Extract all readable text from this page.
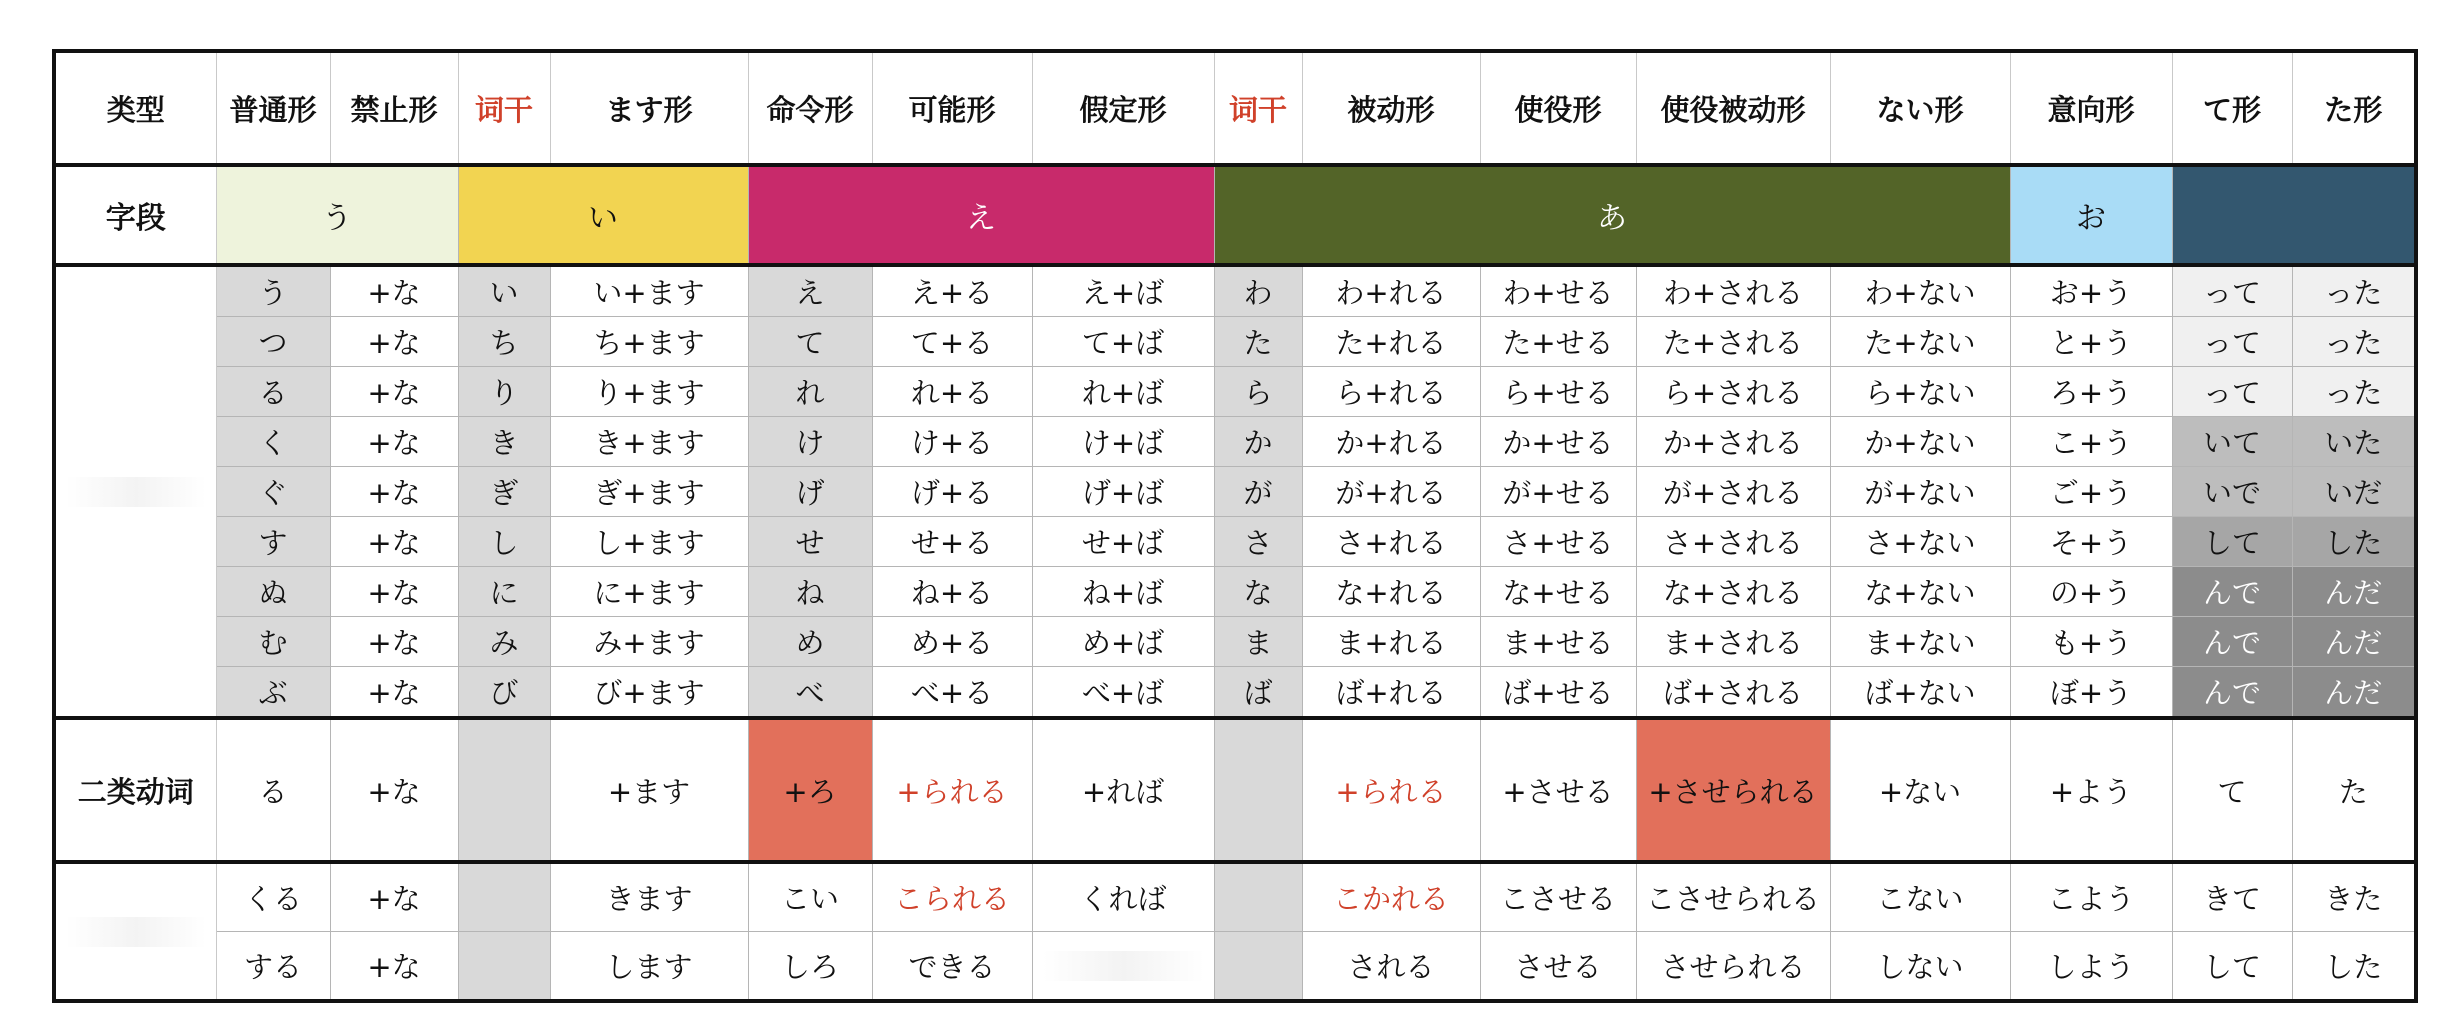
类型	普通形	禁止形	词干	ます形	命令形	可能形	假定形	词干	被动形	使役形	使役被动形	ない形	意向形	て形	た形
字段	う		い		え			あ					お		

	う	+な	い	い+ます	え	え+る	え+ば	わ	わ+れる	わ+せる	わ+される	わ+ない	お+う	って	った
	つ	+な	ち	ち+ます	て	て+る	て+ば	た	た+れる	た+せる	た+される	た+ない	と+う	って	った
	る	+な	り	り+ます	れ	れ+る	れ+ば	ら	ら+れる	ら+せる	ら+される	ら+ない	ろ+う	って	った
	く	+な	き	き+ます	け	け+る	け+ば	か	か+れる	か+せる	か+される	か+ない	こ+う	いて	いた
	ぐ	+な	ぎ	ぎ+ます	げ	げ+る	げ+ば	が	が+れる	が+せる	が+される	が+ない	ご+う	いで	いだ
	す	+な	し	し+ます	せ	せ+る	せ+ば	さ	さ+れる	さ+せる	さ+される	さ+ない	そ+う	して	した
	ぬ	+な	に	に+ます	ね	ね+る	ね+ば	な	な+れる	な+せる	な+される	な+ない	の+う	んで	んだ
	む	+な	み	み+ます	め	め+る	め+ば	ま	ま+れる	ま+せる	ま+される	ま+ない	も+う	んで	んだ
	ぶ	+な	び	び+ます	べ	べ+る	べ+ば	ば	ば+れる	ば+せる	ば+される	ば+ない	ぼ+う	んで	んだ
二类动词	る	+な		+ます	+ろ	+られる	+れば		+られる	+させる	+させられる	+ない	+よう	て	た

	くる	+な		きます	こい	こられる	くれば		こかれる	こさせる	こさせられる	こない	こよう	きて	きた
	する	+な		します	しろ	できる			される	させる	させられる	しない	しよう	して	した
